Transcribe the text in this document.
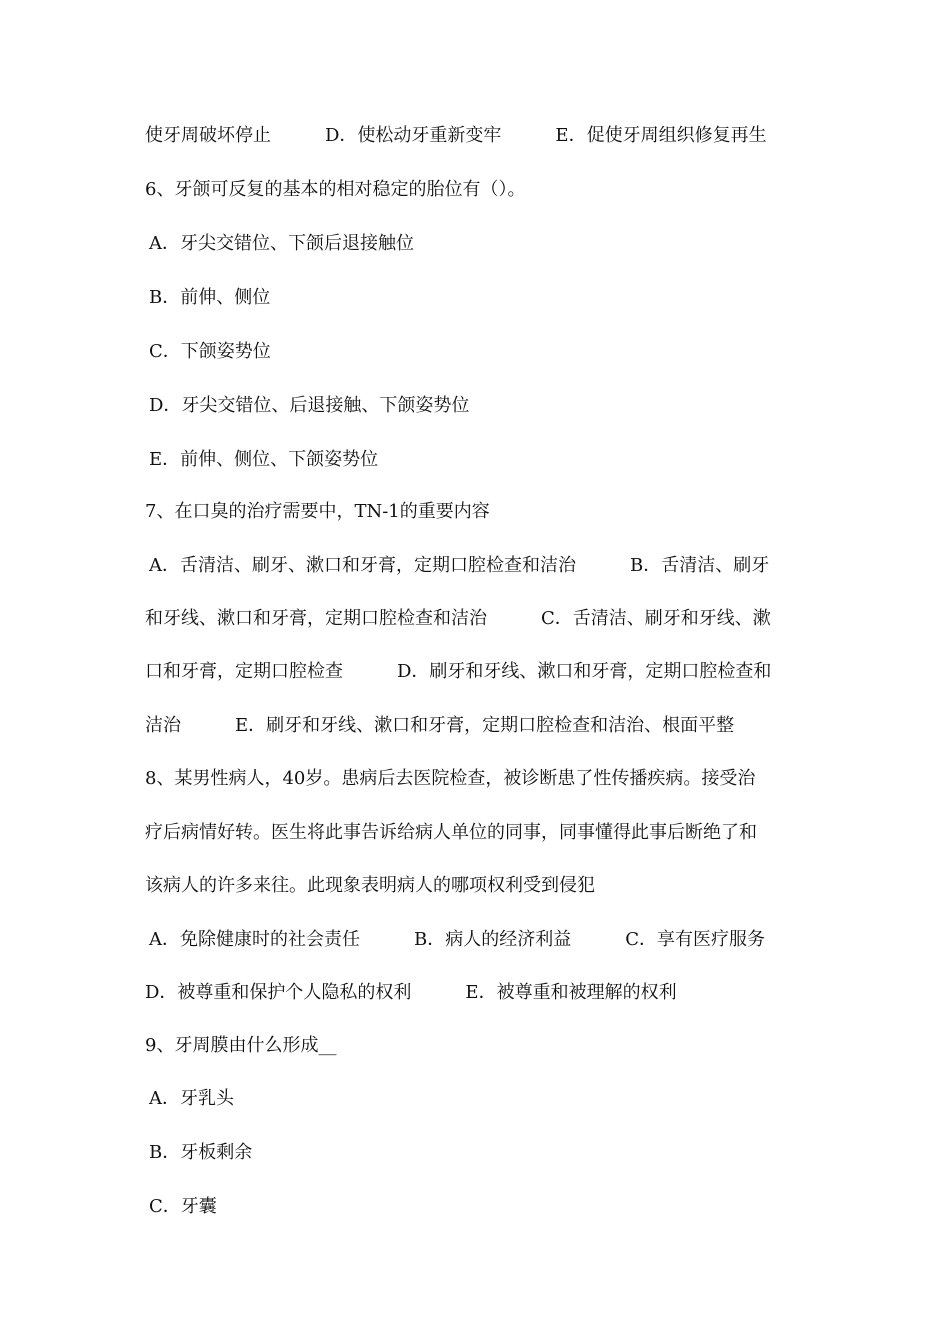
使牙周破坏停止　　　D．使松动牙重新变牢　　　E．促使牙周组织修复再生
6、牙颌可反复的基本的相对稳定的胎位有（）。
A．牙尖交错位、下颌后退接触位
B．前伸、侧位
C．下颌姿势位
D．牙尖交错位、后退接触、下颌姿势位
E．前伸、侧位、下颌姿势位
7、在口臭的治疗需要中，TN-1的重要内容
A．舌清洁、刷牙、漱口和牙膏，定期口腔检查和洁治　　　B．舌清洁、刷牙
和牙线、漱口和牙膏，定期口腔检查和洁治　　　C．舌清洁、刷牙和牙线、漱
口和牙膏，定期口腔检查　　　D．刷牙和牙线、漱口和牙膏，定期口腔检查和
洁治　　　E．刷牙和牙线、漱口和牙膏，定期口腔检查和洁治、根面平整
8、某男性病人，40岁。患病后去医院检查，被诊断患了性传播疾病。接受治
疗后病情好转。医生将此事告诉给病人单位的同事，同事懂得此事后断绝了和
该病人的许多来往。此现象表明病人的哪项权利受到侵犯
A．免除健康时的社会责任　　　B．病人的经济利益　　　C．享有医疗服务
D．被尊重和保护个人隐私的权利　　　E．被尊重和被理解的权利
9、牙周膜由什么形成__
A．牙乳头
B．牙板剩余
C．牙囊
